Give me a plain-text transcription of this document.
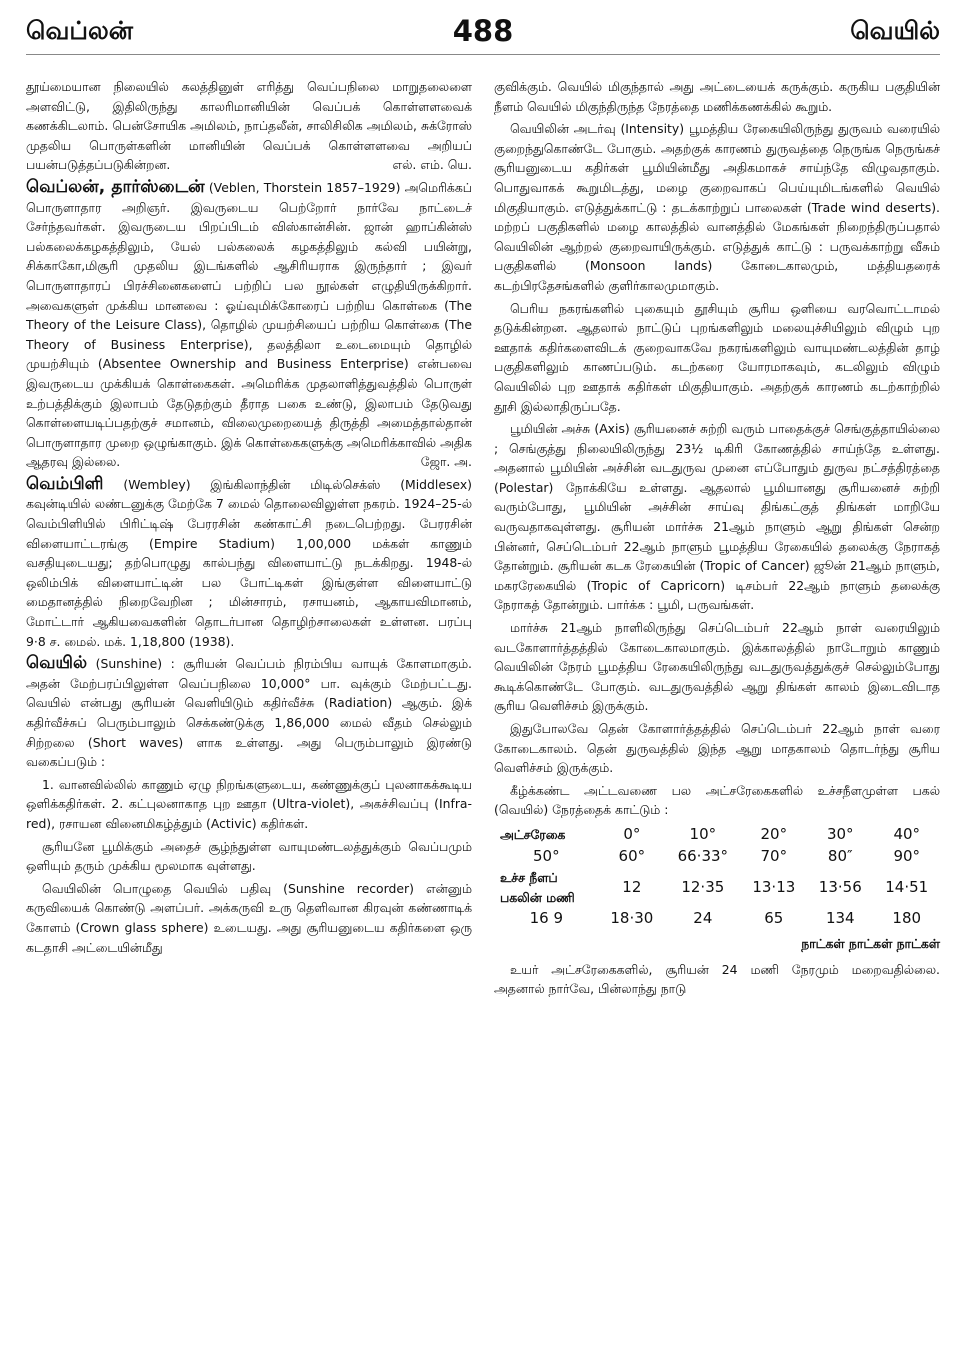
வெப்லன்	488	வெயில்

தூய்மையான நிலையில் கலத்தினுள் எரித்து வெப்பநிலை மாறுதலைளை அளவிட்டு, இதிலிருந்து காலரிமானியின் வெப்பக் கொள்ளளவைக் கணக்கிடலாம். பென்சோயிக அமிலம், நாப்தலீன், சாலிசிலிக அமிலம், சுக்ரோஸ் முதலிய பொருள்களின் மானியின் வெப்பக் கொள்ளளவை அறியப் பயன்படுத்தப்படுகின்றன.	எல். எம். யெ.

வெப்லன், தார்ஸ்டைன் (Veblen, Thorstein 1857–1929) அமெரிக்கப் பொருளாதார அறிஞர். இவருடைய பெற்றோர் நார்வே நாட்டைச் சேர்ந்தவர்கள். இவருடைய பிறப்பிடம் விஸ்கான்சின். ஜான் ஹாப்கின்ஸ் பல்கலைக்கழகத்திலும், யேல் பல்கலைக் கழகத்திலும் கல்வி பயின்று, சிக்காகோ,மிசூரி முதலிய இடங்களில் ஆசிரியராக இருந்தார் ; இவர் பொருளாதாரப் பிரச்சினைகளைப் பற்றிப் பல நூல்கள் எழுதியிருக்கிறார். அவைகளுள் முக்கிய மானவை : ஓய்வுமிக்கோரைப் பற்றிய கொள்கை (The Theory of the Leisure Class), தொழில் முயற்சியைப் பற்றிய கொள்கை (The Theory of Business Enterprise), தலத்திலா உடைமையும் தொழில் முயற்சியும் (Absentee Ownership and Business Enterprise) என்பவை இவருடைய முக்கியக் கொள்கைகள். அமெரிக்க முதலாளித்துவத்தில் பொருள் உற்பத்திக்கும் இலாபம் தேடுதற்கும் தீராத பகை உண்டு, இலாபம் தேடுவது கொள்ளையடிப்பதற்குச் சமானம், விலைமுறையைத் திருத்தி அமைத்தால்தான் பொருளாதார முறை ஒழுங்காகும். இக் கொள்கைகளுக்கு அமெரிக்காவில் அதிக ஆதரவு இல்லை.	ஜோ. அ.

வெம்பிளி (Wembley) இங்கிலாந்தின் மிடில்செக்ஸ் (Middlesex) கவுன்டியில் லண்டனுக்கு மேற்கே 7 மைல் தொலைவிலுள்ள நகரம். 1924–25-ல் வெம்பிளியில் பிரிட்டிஷ் பேரரசின் கண்காட்சி நடைபெற்றது. பேரரசின் விளையாட்டரங்கு (Empire Stadium) 1,00,000 மக்கள் காணும் வசதியுடையது; தற்பொழுது கால்பந்து விளையாட்டு நடக்கிறது. 1948-ல் ஒலிம்பிக் விளையாட்டின் பல போட்டிகள் இங்குள்ள விளையாட்டு மைதானத்தில் நிறைவேறின ; மின்சாரம், ரசாயனம், ஆகாயவிமானம், மோட்டார் ஆகியவைகளின் தொடர்பான தொழிற்சாலைகள் உள்ளன. பரப்பு 9·8 ச. மைல். மக். 1,18,800 (1938).

வெயில் (Sunshine) : சூரியன் வெப்பம் நிரம்பிய வாயுக் கோளமாகும். அதன் மேற்பரப்பிலுள்ள வெப்பநிலை 10,000° பா. வுக்கும் மேற்பட்டது. வெயில் என்பது சூரியன் வெளியிடும் கதிர்வீச்சு (Radiation) ஆகும். இக் கதிர்வீச்சுப் பெரும்பாலும் செக்கண்டுக்கு 1,86,000 மைல் வீதம் செல்லும் சிற்றலை (Short waves) ளாக உள்ளது. அது பெரும்பாலும் இரண்டு வகைப்படும் :

1. வானவில்லில் காணும் ஏழு நிறங்களுடைய, கண்ணுக்குப் புலனாகக்கூடிய ஒளிக்கதிர்கள். 2. கட்புலனாகாத புற ஊதா (Ultra-violet), அகச்சிவப்பு (Infra-red), ரசாயன வினைமிகழ்த்தும் (Activic) கதிர்கள்.

சூரியனே பூமிக்கும் அதைச் சூழ்ந்துள்ள வாயுமண்டலத்துக்கும் வெப்பமும் ஒளியும் தரும் முக்கிய மூலமாக வுள்ளது.

வெயிலின் பொழுதை வெயில் பதிவு (Sunshine recorder) என்னும் கருவியைக் கொண்டு அளப்பர். அக்கருவி உரு தெளிவான கிரவுன் கண்ணாடிக் கோளம் (Crown glass sphere) உடையது. அது சூரியனுடைய கதிர்களை ஒரு கடதாசி அட்டையின்மீது

குவிக்கும். வெயில் மிகுந்தால் அது அட்டையைக் கருக்கும். கருகிய பகுதியின் நீளம் வெயில் மிகுந்திருந்த நேரத்தை மணிக்கணக்கில் கூறும்.

வெயிலின் அடர்வு (Intensity) பூமத்திய ரேகையிலிருந்து துருவம் வரையில் குறைந்துகொண்டே போகும். அதற்குக் காரணம் துருவத்தை நெருங்க நெருங்கச் சூரியனுடைய கதிர்கள் பூமியின்மீது அதிகமாகச் சாய்ந்தே விழுவதாகும். பொதுவாகக் கூறுமிடத்து, மழை குறைவாகப் பெய்யுமிடங்களில் வெயில் மிகுதியாகும். எடுத்துக்காட்டு : தடக்காற்றுப் பாலைகள் (Trade wind deserts). மற்றப் பகுதிகளில் மழை காலத்தில் வானத்தில் மேகங்கள் நிறைந்திருப்பதால் வெயிலின் ஆற்றல் குறைவாயிருக்கும். எடுத்துக் காட்டு : பருவக்காற்று வீசும் பகுதிகளில் (Monsoon lands) கோடைகாலமும், மத்தியதரைக் கடற்பிரதேசங்களில் குளிர்காலமுமாகும்.

பெரிய நகரங்களில் புகையும் தூசியும் சூரிய ஒளியை வரவொட்டாமல் தடுக்கின்றன. ஆதலால் நாட்டுப் புறங்களிலும் மலையுச்சியிலும் விழும் புற ஊதாக் கதிர்களைவிடக் குறைவாகவே நகரங்களிலும் வாயுமண்டலத்தின் தாழ் பகுதிகளிலும் காணப்படும். கடற்கரை யோரமாகவும், கடலிலும் விழும் வெயிலில் புற ஊதாக் கதிர்கள் மிகுதியாகும். அதற்குக் காரணம் கடற்காற்றில் தூசி இல்லாதிருப்பதே.

பூமியின் அச்சு (Axis) சூரியனைச் சுற்றி வரும் பாதைக்குச் செங்குத்தாயில்லை ; செங்குத்து நிலையிலிருந்து 23½ டிகிரி கோணத்தில் சாய்ந்தே உள்ளது. அதனால் பூமியின் அச்சின் வடதுருவ முனை எப்போதும் துருவ நட்சத்திரத்தை (Polestar) நோக்கியே உள்ளது. ஆதலால் பூமியானது சூரியனைச் சுற்றி வரும்போது, பூமியின் அச்சின் சாய்வு திங்கட்குத் திங்கள் மாறியே வருவதாகவுள்ளது. சூரியன் மார்ச்சு 21ஆம் நாளும் ஆறு திங்கள் சென்ற பின்னர், செப்டெம்பர் 22ஆம் நாளும் பூமத்திய ரேகையில் தலைக்கு நேராகத் தோன்றும். சூரியன் கடக ரேகையின் (Tropic of Cancer) ஜூன் 21ஆம் நாளும், மகரரேகையில் (Tropic of Capricorn) டிசம்பர் 22ஆம் நாளும் தலைக்கு நேராகத் தோன்றும். பார்க்க : பூமி, பருவங்கள்.

மார்ச்சு 21ஆம் நாளிலிருந்து செப்டெம்பர் 22ஆம் நாள் வரையிலும் வடகோளார்த்தத்தில் கோடைகாலமாகும். இக்காலத்தில் நாடோறும் காணும் வெயிலின் நேரம் பூமத்திய ரேகையிலிருந்து வடதுருவத்துக்குச் செல்லும்போது கூடிக்கொண்டே போகும். வடதுருவத்தில் ஆறு திங்கள் காலம் இடைவிடாத சூரிய வெளிச்சம் இருக்கும்.

இதுபோலவே தென் கோளார்த்தத்தில் செப்டெம்பர் 22ஆம் நாள் வரை கோடைகாலம். தென் துருவத்தில் இந்த ஆறு மாதகாலம் தொடர்ந்து சூரிய வெளிச்சம் இருக்கும்.

கீழ்க்கண்ட அட்டவணை பல அட்சரேகைகளில் உச்சநீளமுள்ள பகல் (வெயில்) நேரத்தைக் காட்டும் :

அட்சரேகை	0°	10°	20°	30°	40°
50°	60°	66·33°	70°	80″	90°
உச்ச நீளப்
பகலின் மணி	12	12·35	13·13	13·56	14·51
16 9	18·30	24	65	134	180
நாட்கள் நாட்கள் நாட்கள்

உயர் அட்சரேகைகளில், சூரியன் 24 மணி நேரமும் மறைவதில்லை. அதனால் நார்வே, பின்லாந்து நாடு
